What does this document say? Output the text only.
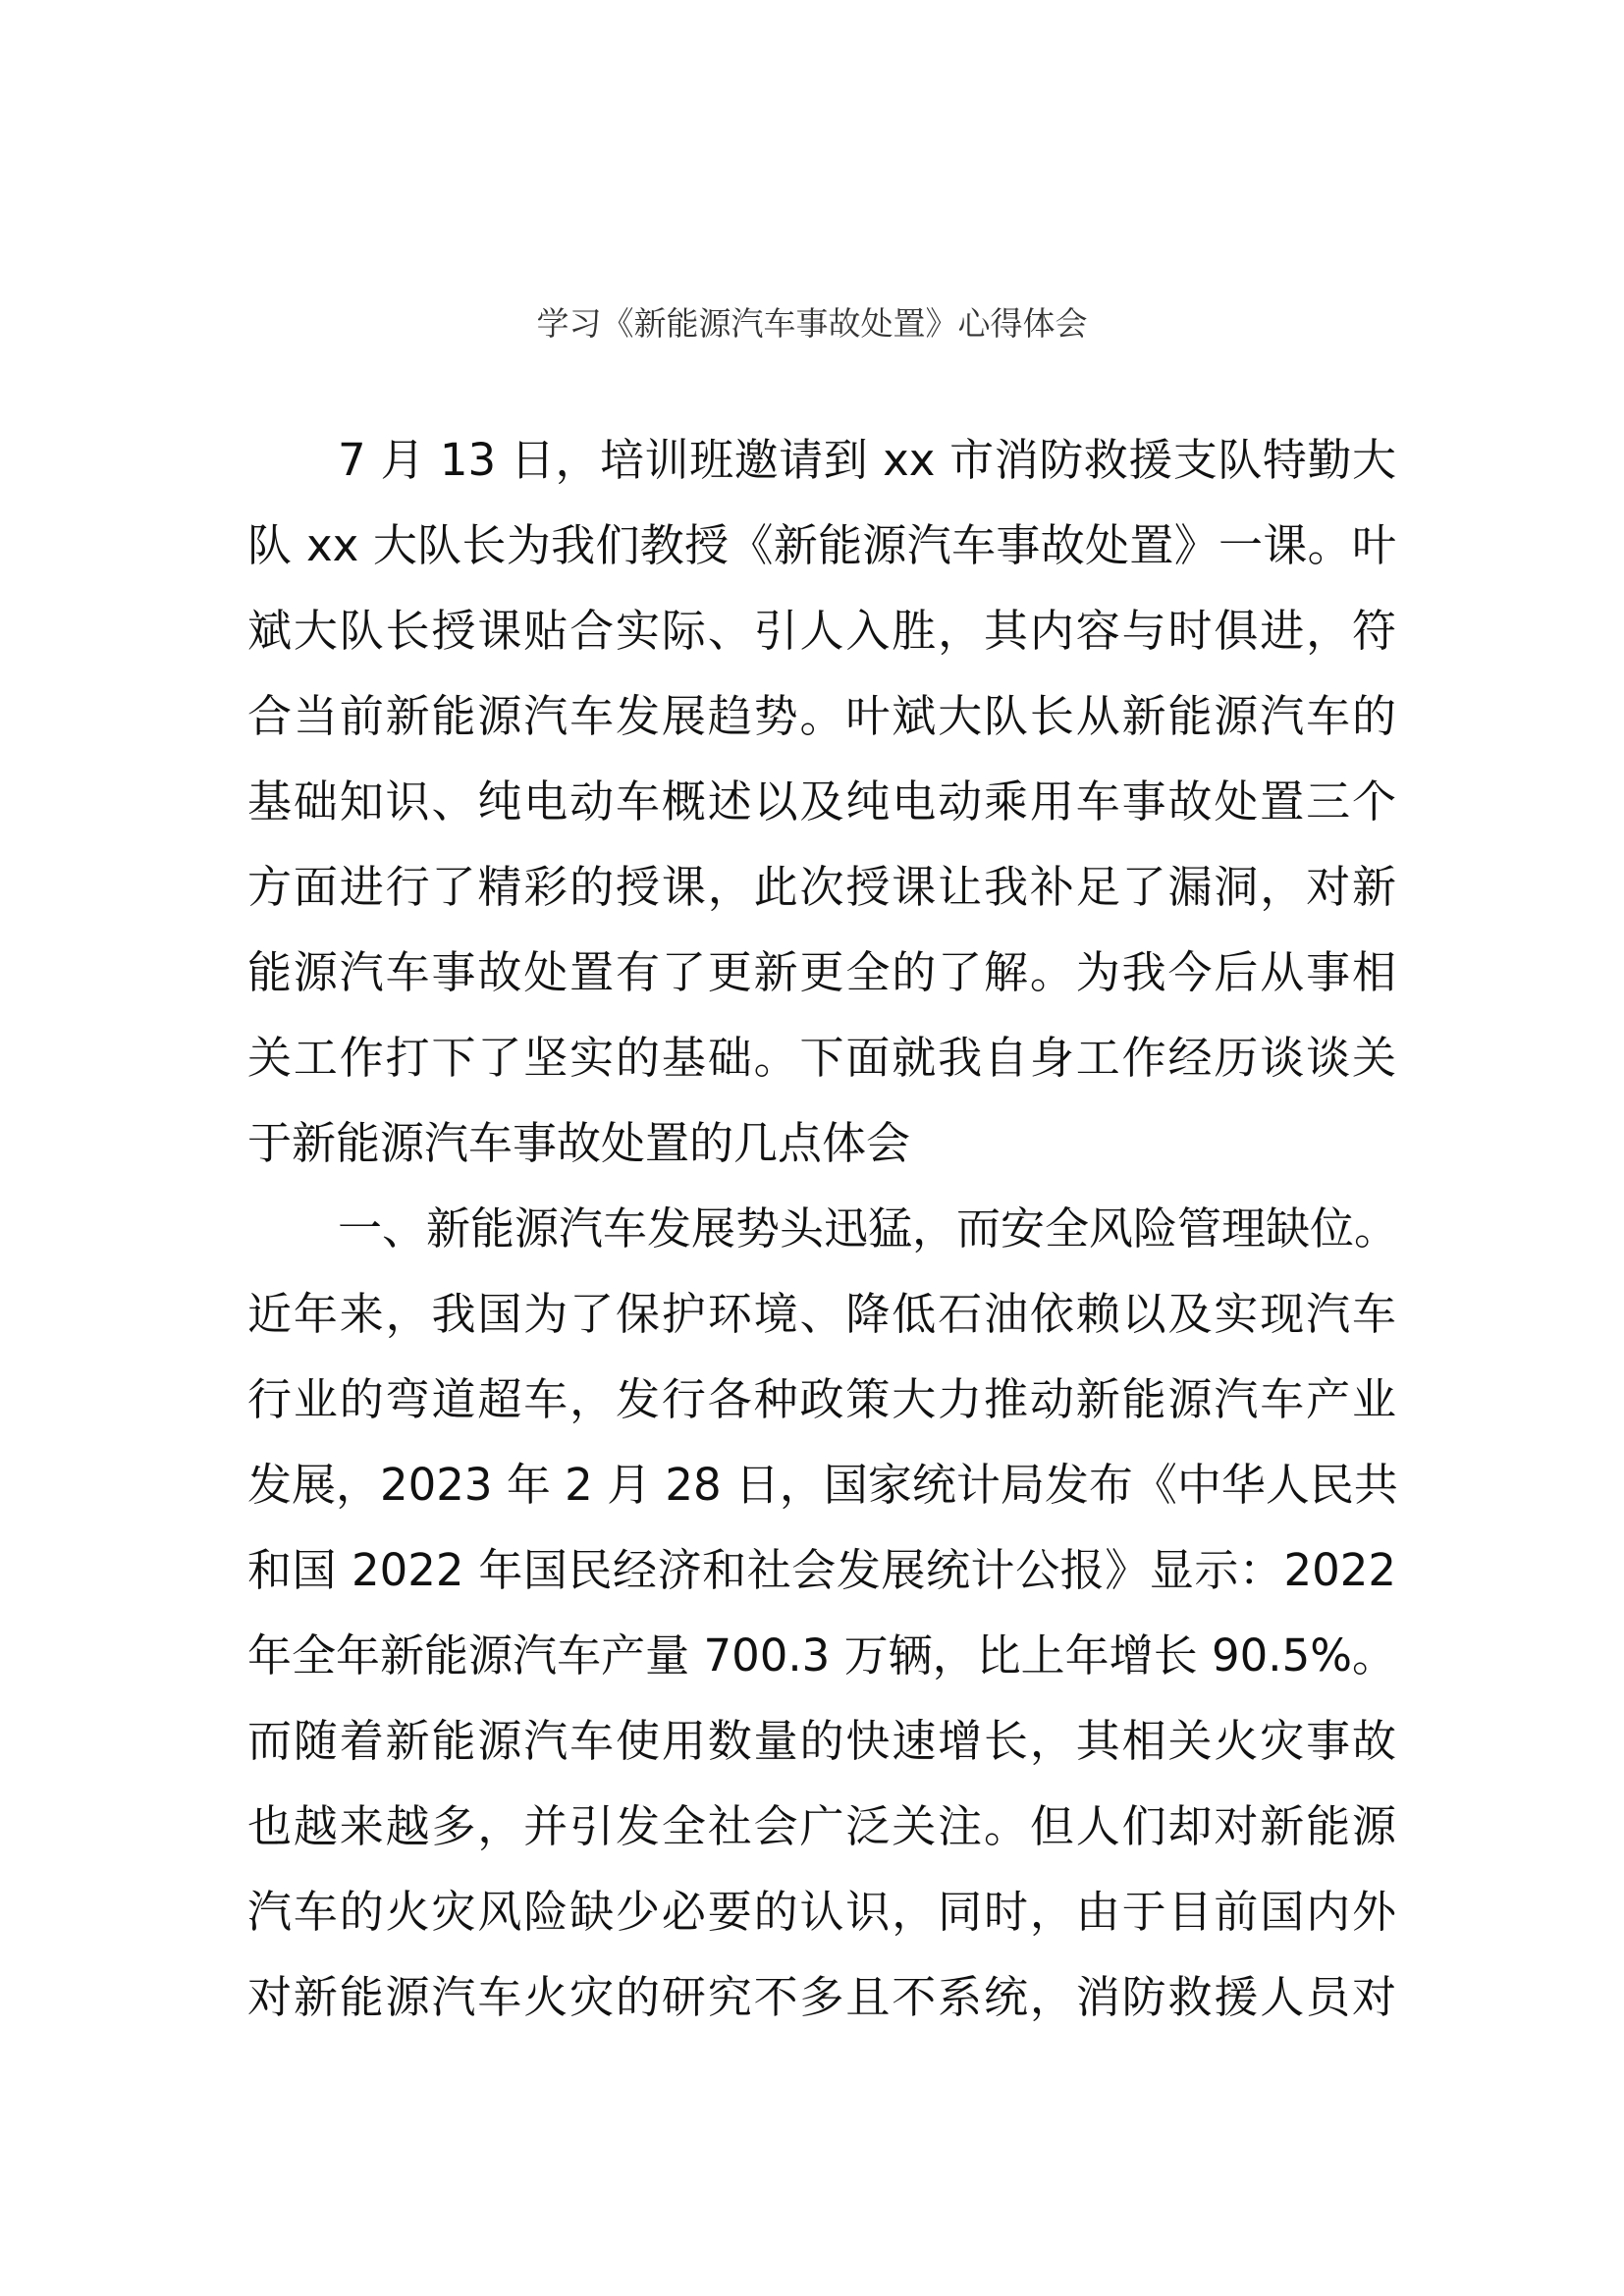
学习《新能源汽车事故处置》心得体会
7 月 13 日，培训班邀请到 xx 市消防救援支队特勤大
队 xx 大队长为我们教授《新能源汽车事故处置》一课。叶
斌大队长授课贴合实际、引人入胜，其内容与时俱进，符
合当前新能源汽车发展趋势。叶斌大队长从新能源汽车的
基础知识、纯电动车概述以及纯电动乘用车事故处置三个
方面进行了精彩的授课，此次授课让我补足了漏洞，对新
能源汽车事故处置有了更新更全的了解。为我今后从事相
关工作打下了坚实的基础。下面就我自身工作经历谈谈关
于新能源汽车事故处置的几点体会
一、新能源汽车发展势头迅猛，而安全风险管理缺位。
近年来，我国为了保护环境、降低石油依赖以及实现汽车
行业的弯道超车，发行各种政策大力推动新能源汽车产业
发展，2023 年 2 月 28 日，国家统计局发布《中华人民共
和国 2022 年国民经济和社会发展统计公报》显示：2022
年全年新能源汽车产量 700.3 万辆，比上年增长 90.5%。
而随着新能源汽车使用数量的快速增长，其相关火灾事故
也越来越多，并引发全社会广泛关注。但人们却对新能源
汽车的火灾风险缺少必要的认识，同时，由于目前国内外
对新能源汽车火灾的研究不多且不系统，消防救援人员对
